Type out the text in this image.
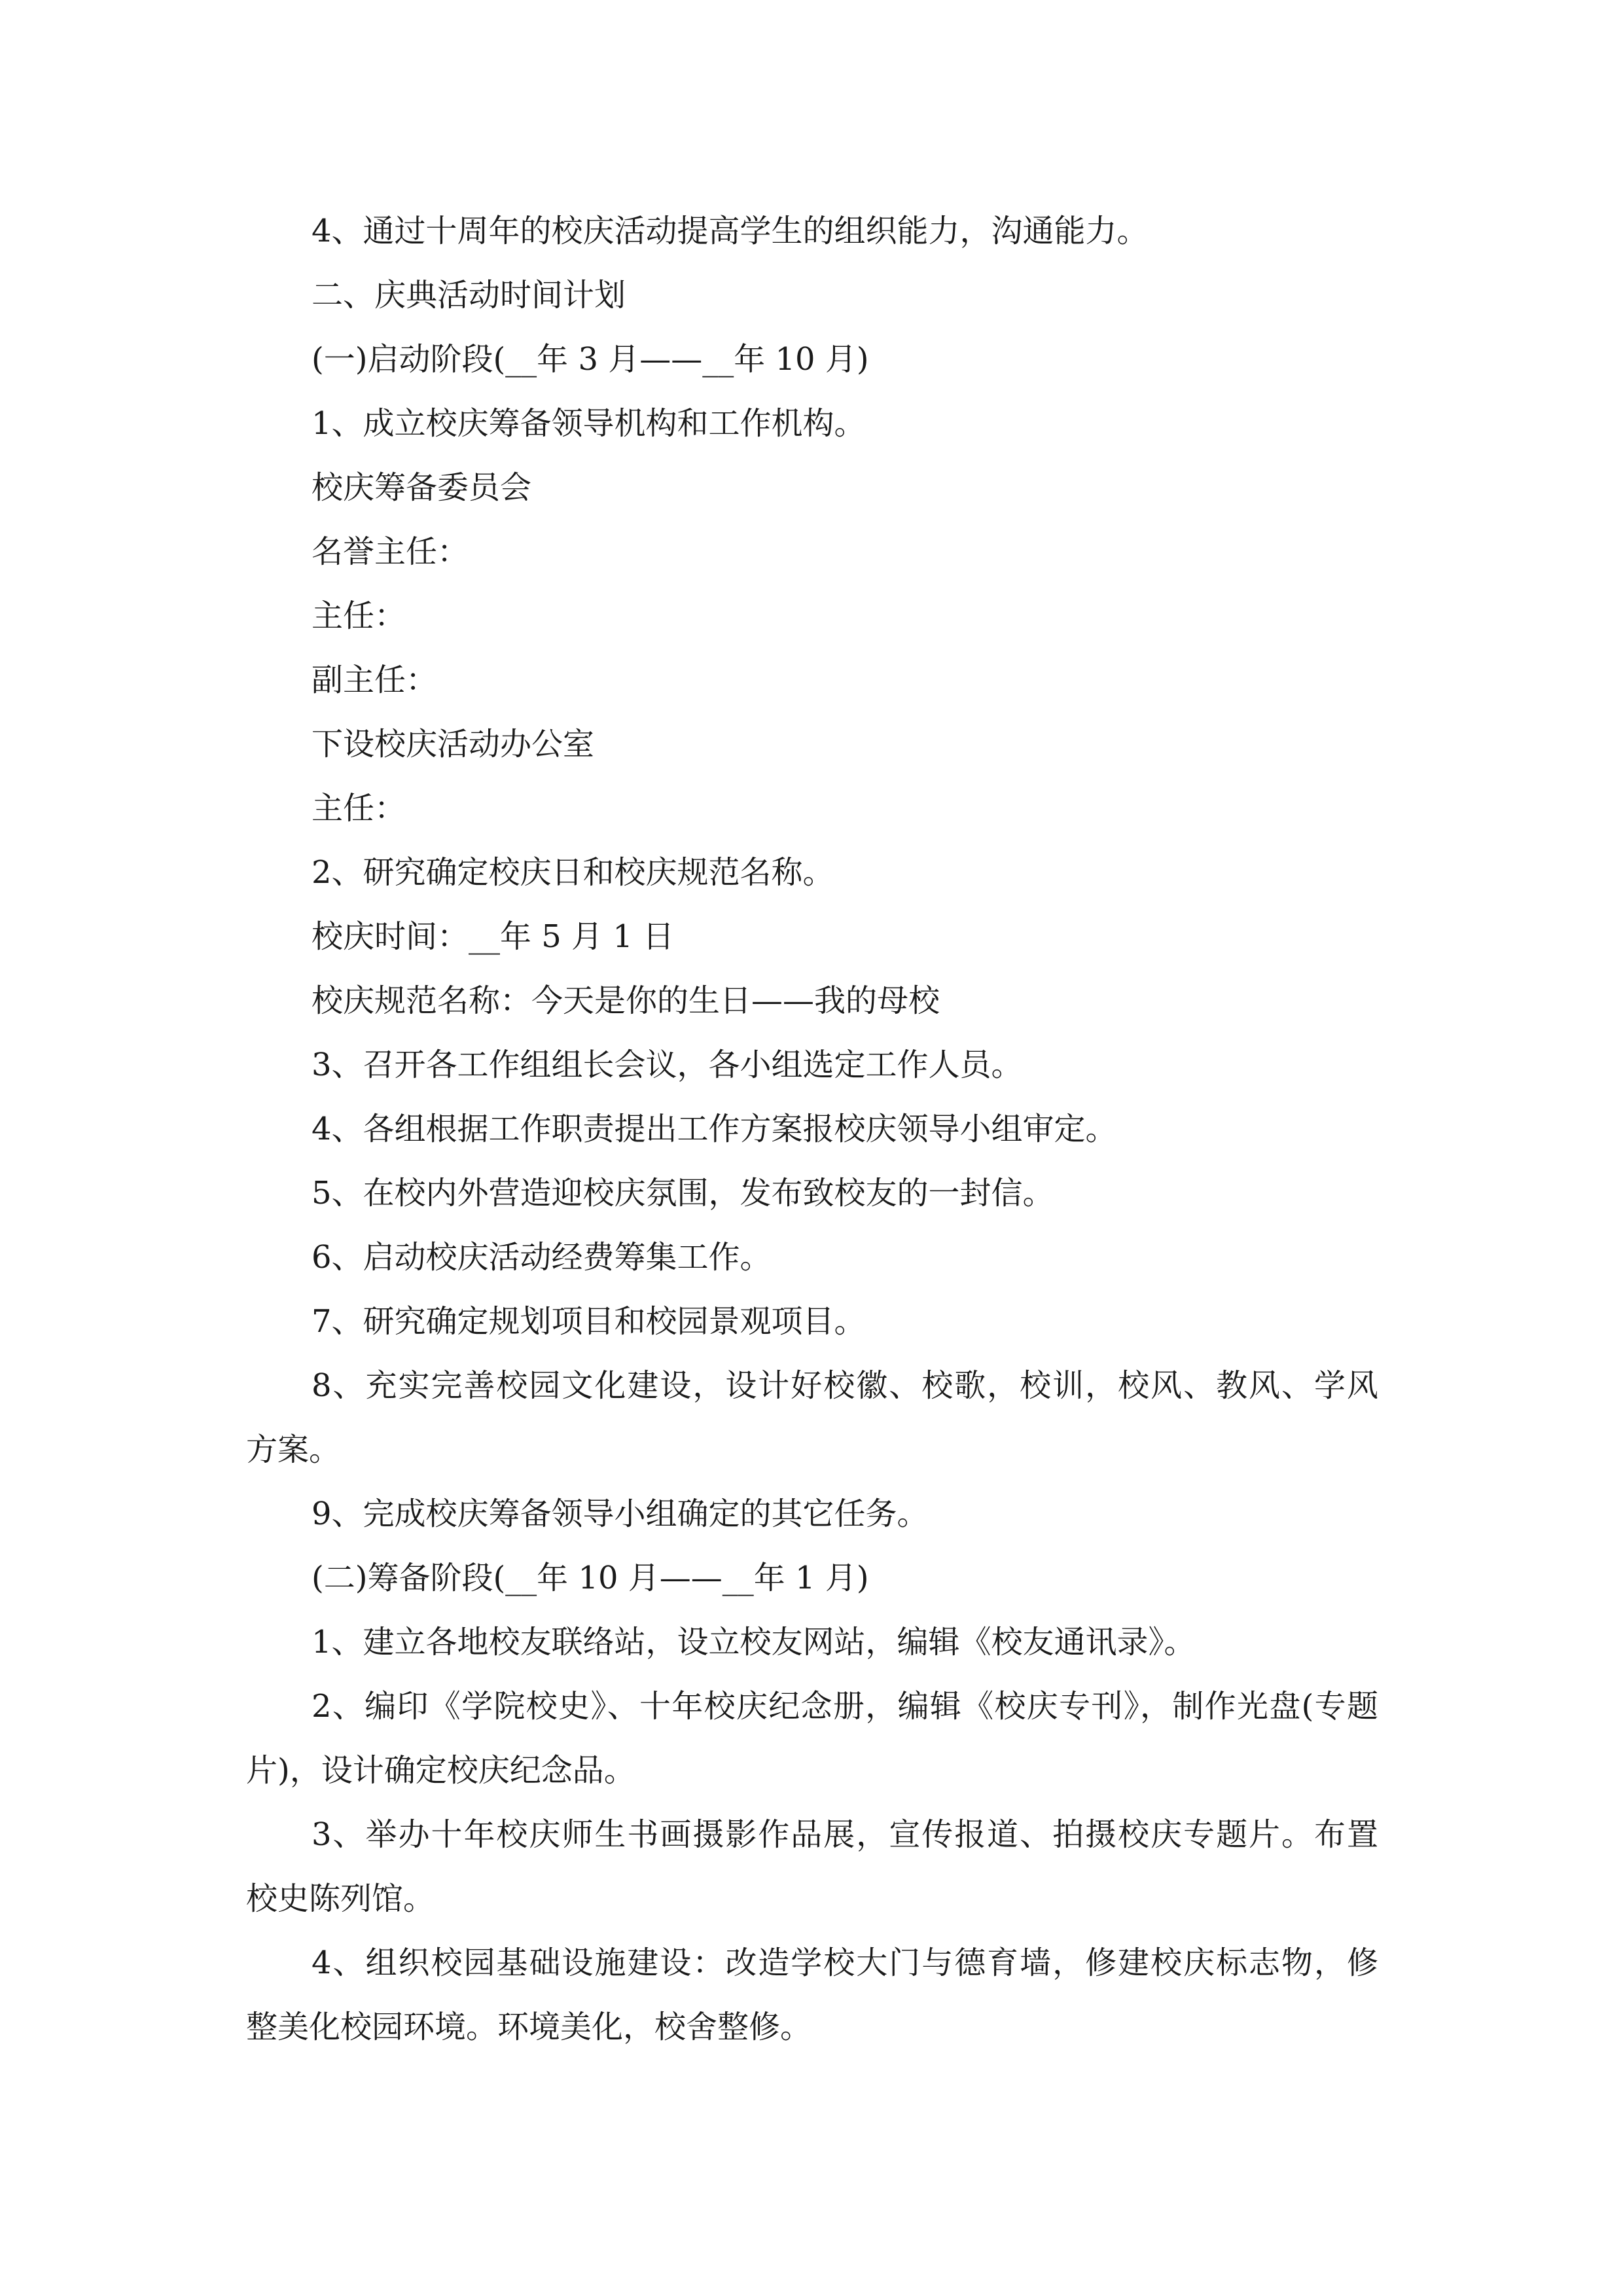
4、通过十周年的校庆活动提高学生的组织能力，沟通能力。

二、庆典活动时间计划

(一)启动阶段(__年 3 月——__年 10 月)

1、成立校庆筹备领导机构和工作机构。

校庆筹备委员会

名誉主任：

主任：

副主任：

下设校庆活动办公室

主任：

2、研究确定校庆日和校庆规范名称。

校庆时间：__年 5 月 1 日

校庆规范名称：今天是你的生日——我的母校

3、召开各工作组组长会议，各小组选定工作人员。

4、各组根据工作职责提出工作方案报校庆领导小组审定。

5、在校内外营造迎校庆氛围，发布致校友的一封信。

6、启动校庆活动经费筹集工作。

7、研究确定规划项目和校园景观项目。

8、充实完善校园文化建设，设计好校徽、校歌，校训，校风、教风、学风

方案。

9、完成校庆筹备领导小组确定的其它任务。

(二)筹备阶段(__年 10 月——__年 1 月)

1、建立各地校友联络站，设立校友网站，编辑《校友通讯录》。

2、编印《学院校史》、十年校庆纪念册，编辑《校庆专刊》，制作光盘(专题

片)，设计确定校庆纪念品。

3、举办十年校庆师生书画摄影作品展，宣传报道、拍摄校庆专题片。布置

校史陈列馆。

4、组织校园基础设施建设：改造学校大门与德育墙，修建校庆标志物，修

整美化校园环境。环境美化，校舍整修。
